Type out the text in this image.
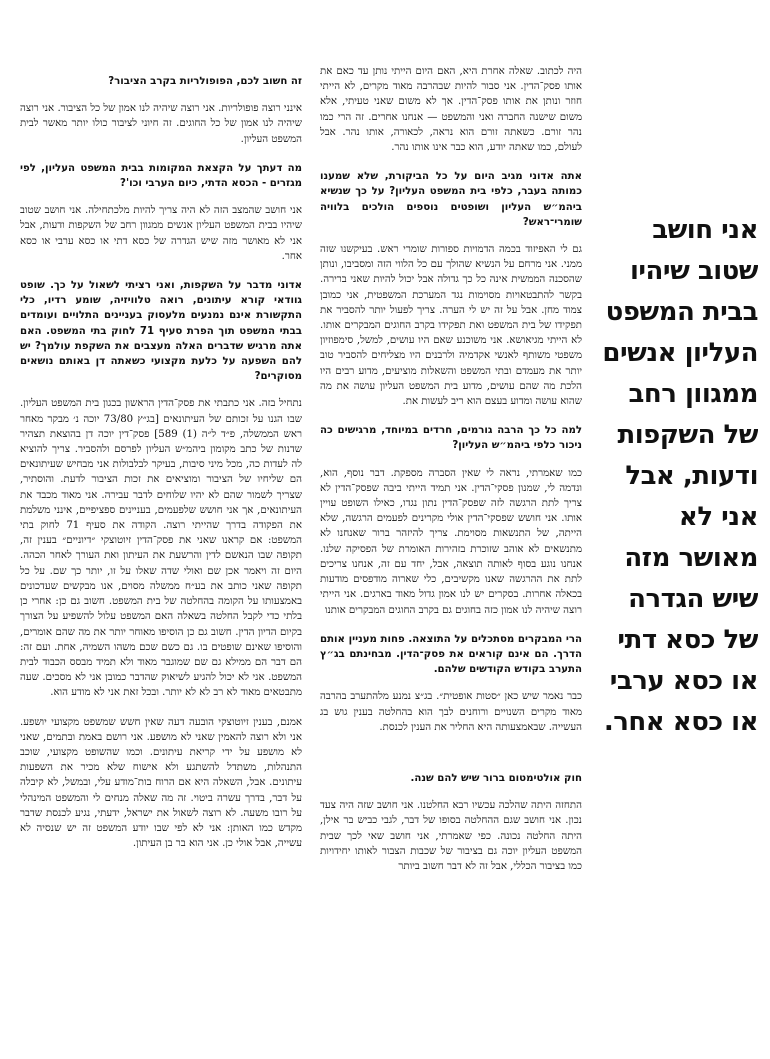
אני חושב שטוב שיהיו בבית המשפט העליון אנשים ממגוון רחב של השקפות ודעות, אבל אני לא מאושר מזה שיש הגדרה של כסא דתי או כסא ערבי או כסא אחר.

היה לכתוב. שאלה אחרת היא, האם היום הייתי נותן עד כאם את אותו פסק־הדין. אני סבור להיות שבהרבה מאוד מקרים, לא הייתי חוזר ונותן את אותו פסק־הדין. אך לא משום שאני טעיתי, אלא משום שישנה החברה ואני והמשפט — אנחנו אחרים. זה הרי כמו נהר זורם. כשאתה זורם הוא נראה, לכאורה, אותו נהר. אבל לעולם, כמו שאתה יודע, הוא כבר אינו אותו נהר.

אתה אדוני מגיב היום על כל הביקורת, שלא שמענו כמותה בעבר, כלפי בית המשפט העליון? על כך שנשיא ביהמ״ש העליון ושופטים נוספים הולכים בלוויה שומרי־ראש?

גם לי האפיזוד בכמה הדמויות ספורות שומרי ראש. בעיקשנו שזה ממני. אני מרחם על הנשיא שהולך עם כל הלווי הזה ומסביבו, ונותן שהסכנה הממשית אינה כל כך גדולה אבל יכול להיות שאני ברירה. בקשר להתבטאויות מסוימות נגד המערכת המשפטית, אני כמובן צמוד מחן. אבל על זה יש לי הערה. צריך לפעול יותר להסביר את תפקידו של בית המשפט ואת תפקידו בקרב החוגים המבקרים אותו. לא הייתי מגיאושא. אני משוכנע שאם היו עושים, למשל, סימפוזיון משפטי משותף לאנשי אקדמיה ולרבנים היו מצליחים להסביר טוב יותר את מעמדם ובתי המשפט והשאלות מוציעים, מדוע רבים היו הלכת מה שהם עושים, מדוע בית המשפט העליון עושה את מה שהוא עושה ומדוע בעצם הוא ריב לעשות את.

למה כל כך הרבה גורמים, חרדים במיוחד, מרגישים כה ניכור כלפי ביהמ״ש העליון?

כמו שאמרתי, נראה לי שאין הסברה מספקת. דבר נוסף, הוא, ונדמה לי, שמנון פסקי־הדין. אני תמיד הייתי ביבה שפסק־הדין לא צריך לתת הרגשה לזה שפסק־הדין נתון נגדו, כאילו השופט עויין אותו. אני חושש שפסקי־הדין אולי מקרינים לפעמים הרגשה, שלא הייתה, של התנשאות מסוימת. צריך להיזהר ברור שאנחנו לא מתנשאים לא אוהב שזוכרת בזהירות האומרת של הפסיקה שלנו. אנחנו נוגע בסוף לאותה תוצאה, אבל, יחד עם זה, אנחנו צריכים לתת את ההרגשה שאנו מקשיבים, כלי שארוה מודפסים מודעות בכאלה אחרות. בסקרים יש לנו אמון גדול מאוד בארגים. אני הייתי רוצה שיהיה לנו אמון כזה בחוגים גם בקרב החוגים המבקרים אותנו

הרי המבקרים מסתכלים על התוצאה. פחות מעניין אותם הדרך. הם אינם קוראים את פסק־הדין. מבחינתם בג״ץ התערב בקודש הקודשים שלהם.

כבר נאמר שיש כאן ״סטות אופטית״. בג״צ נמנע מלהתערב בהרבה מאוד מקרים השנויים ורוחנים לבך הוא בהחלטה בענין גוש בג העשייה. שבאמצעותה היא החליר את הענין לכנסת.

חוק אולטימטום ברור שיש להם שנה.

התחזה היתה שהלכה עכשיו רבא החלטנו. אני חושב שזה היה צעד נכון. אני חושב שגם ההחלטה בסופו של דבר, לגבי כביש בר אילן, היתה החלטה נכונה. כפי שאמרתי, אני חושב שאי לכך שבית המשפט העליון יוכה גם בציבור של שכבות הצבור לאותו יחידויות כמו בציבור הכללי, אבל זה לא דבר חשוב ביותר

זה חשוב לכם, הפופולריות בקרב הציבור?

אינני רוצה פופולריות. אני רוצה שיהיה לנו אמון של כל הציבור. אני רוצה שיהיה לנו אמון של כל החוגים. זה חיוני לציבור כולו יותר מאשר לבית המשפט העליון.

מה דעתך על הקצאת המקומות בבית המשפט העליון, לפי מגזרים - הכסא הדתי, כיום הערבי וכו'?

אני חושב שהמצב הזה לא היה צריך להיות מלכתחילה. אני חושב שטוב שיהיו בבית המשפט העליון אנשים ממגוון רחב של השקפות ודעות, אבל אני לא מאושר מזה שיש הגדרה של כסא דתי או כסא ערבי או כסא אחר.

אדוני מדבר על השקפות, ואני רציתי לשאול על כך. שופט גוודאי קורא עיתונים, רואה טלוויזיה, שומע רדיו, כלי התקשורת אינם נמנעים מלעסוק בעניינים התלויים ועומדים בבתי המשפט תוך הפרת סעיף 71 לחוק בתי המשפט. האם אתה מרגיש שדברים האלה מעצבים את השקפת עולמך? יש להם השפעה על כלעת מקצועי כשאתה דן באותם נושאים מסוקרים?

נתחיל בזה. אני כתבתי את פסק־הדין הראשון בכגון בית המשפט העליון. שבו הגנו על זכותם של העיתונאים [בג״ץ 73/80 יוכה נ׳ מבקר מאחר ראש הממשלה, פ״ד ל״ה (1) 589] פסק־דין יוכה דן בהוצאת תצהיר שדנות של כתב מקומון ביהמ״ש העליון לפרסם ולהסביר. צריך להוציא לה לעדות כה, מכל מיני סיבות, בעיקר לבלבולות אני מבחיש שעיתונאים הם שליחיו של הציבור ומוציאים את זכות הציבור לדעת. והוסתיר, שצריך לשמור שהם לא יהיו שלוחים לדבר עבירה. אני מאוד מכבד את העיתונאים, אך אני חושש שלפעמים, בעניינים ספציפיים, אינני משלמת את הפקודה בדרך שהייתי רוצה. הקודה את סעיף 71 לחוק בתי המשפט: אם קראנו שאני את פסק־הדין זיוטוצקי ״דיוניים״ בענין זה, תקופה שבו הנאשם לדין והרשעת את העיתון ואת העורך לאחר הכהה. היום זה ויאמר אכן שם ואולי שדה שאלו על זו, יותר כך שם. על כל תקופה שאני כותב את בע״ח ממשלה מסוים, אנו מבקשים שעדכונים באמצעותו על הקומה בהחלטה של בית המשפט. חשוב גם כן: אחרי כן בלתי כדי לקבל החלטה בשאלה האם המשפט עלול להשפיע על הצורך בקיום הדיון הדין. חשוב גם כן הוסיפו מאוחר יותר את מה שהם אומרים, והוסיפו שאינם שופטים בו. גם כשם שכם משהו השמיה, אחת. ועם זה: הם דבר הם ממילא גם שם שמוגבר מאוד ולא תמיד מבסס הכבוד לבית המשפט. אני לא יכול להגיע לשיאוק שהדבר כמובן אני לא מסכים. שעה מתבטאים מאוד לא רב לא לא יותר. ובכל זאת אני לא מודע הוא.

אמנם, בענין זיוטוצקי הובעה דעה שאין חשש שמשפט מקצועי יושפע. אני ולא רוצה להאמין שאני לא מושפע. אני רושם באמת ובתמים, שאני לא מושפע על ידי קריאת עיתונים. וכמו שהשופט מקצועי, שוכב התנהלות, משתדל להשתגע ולא אישוח שלא מכיר את השפעות עיתונים. אבל, השאלה היא אם הרוח בות־מודע עלי, ובמשל, לא קיבלה על דבר, בדרך עשרה ביטוי. זה מה שאלה מנחים לי והמשפט המינהלי על רובו משעה. לא רוצה לשאול את ישראל, ידעתי, נגיע לכנסת שדבר מקדש כמו האותן: אני לא לפי שבו יודע המשפט זה יש שנסיה לא עשייה, אבל אולי כן. אני הוא בר בן העיתון.
